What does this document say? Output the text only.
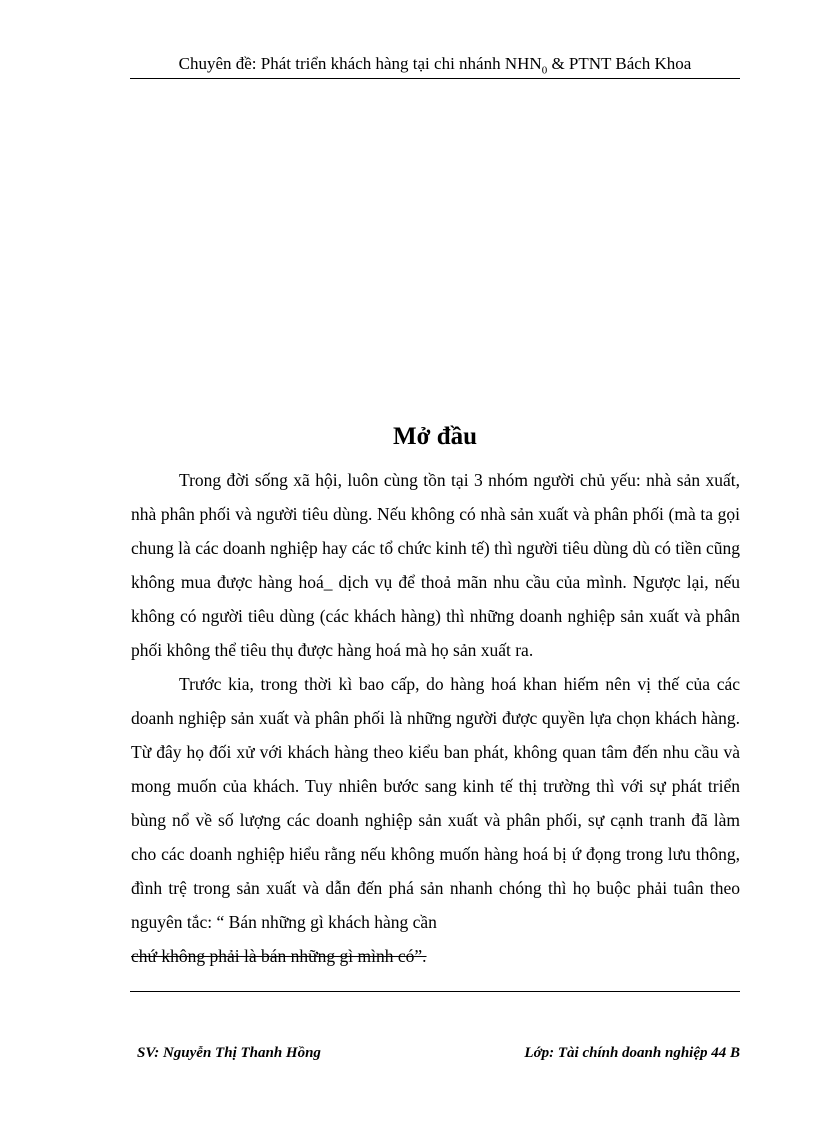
Chuyên đề: Phát triển khách hàng tại chi nhánh $NHN_0$ & PTNT Bách Khoa
Mở đầu

Trong đời sống xã hội, luôn cùng tồn tại 3 nhóm người chủ yếu: nhà sản xuất, nhà phân phối và người tiêu dùng. Nếu không có nhà sản xuất và phân phối (mà ta gọi chung là các doanh nghiệp hay các tổ chức kinh tế) thì người tiêu dùng dù có tiền cũng không mua được hàng hoá_ dịch vụ để thoả mãn nhu cầu của mình. Ngược lại, nếu không có người tiêu dùng (các khách hàng) thì những doanh nghiệp sản xuất và phân phối không thể tiêu thụ được hàng hoá mà họ sản xuất ra.

Trước kia, trong thời kì bao cấp, do hàng hoá khan hiếm nên vị thế của các doanh nghiệp sản xuất và phân phối là những người được quyền lựa chọn khách hàng. Từ đây họ đối xử với khách hàng theo kiểu ban phát, không quan tâm đến nhu cầu và mong muốn của khách. Tuy nhiên bước sang kinh tế thị trường thì với sự phát triển bùng nổ về số lượng các doanh nghiệp sản xuất và phân phối, sự cạnh tranh đã làm cho các doanh nghiệp hiểu rằng nếu không muốn hàng hoá bị ứ đọng trong lưu thông, đình trệ trong sản xuất và dẫn đến phá sản nhanh chóng thì họ buộc phải tuân theo nguyên tắc: “ Bán những gì khách hàng cần
chứ không phải là bán những gì mình có”.

SV: Nguyễn Thị Thanh Hồng	Lớp: Tài chính doanh nghiệp 44 B
